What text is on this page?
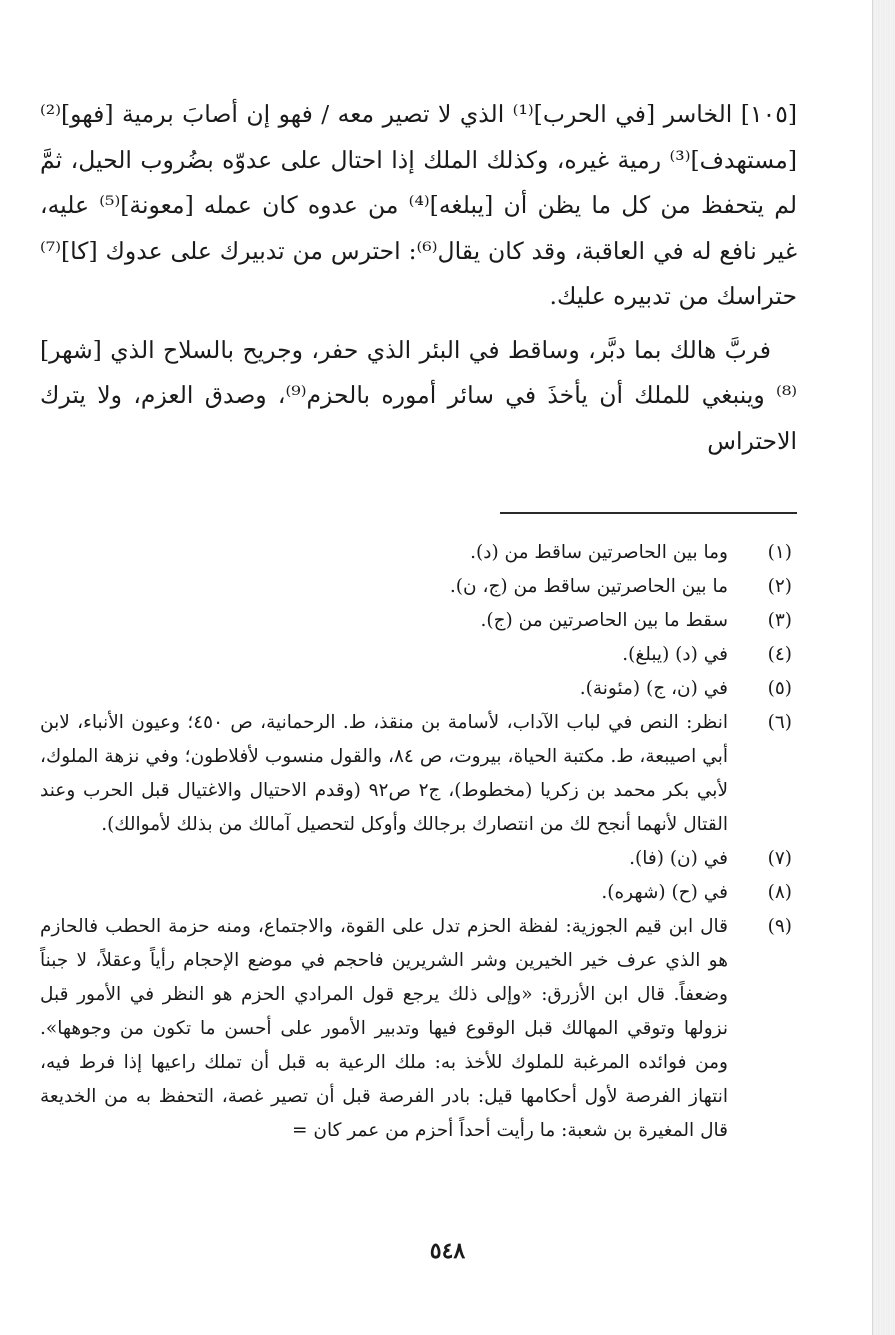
[١٠٥] الخاسر [في الحرب]⁽¹⁾ الذي لا تصير معه / فهو إن أصابَ برمية [فهو]⁽²⁾ [مستهدف]⁽³⁾ رمية غيره، وكذلك الملك إذا احتال على عدوّه بضُروب الحيل، ثمَّ لم يتحفظ من كل ما يظن أن [يبلغه]⁽⁴⁾ من عدوه كان عمله [معونة]⁽⁵⁾ عليه، غير نافع له في العاقبة، وقد كان يقال⁽⁶⁾: احترس من تدبيرك على عدوك [كا]⁽⁷⁾ حتراسك من تدبيره عليك.

فربَّ هالك بما دبَّر، وساقط في البئر الذي حفر، وجريح بالسلاح الذي [شهر]⁽⁸⁾ وينبغي للملك أن يأخذَ في سائر أموره بالحزم⁽⁹⁾، وصدق العزم، ولا يترك الاحتراس

(١)
وما بين الحاصرتين ساقط من (د).
(٢)
ما بين الحاصرتين ساقط من (ج، ن).
(٣)
سقط ما بين الحاصرتين من (ج).
(٤)
في (د) (يبلغ).
(٥)
في (ن، ج) (مئونة).
(٦)
انظر: النص في لباب الآداب، لأسامة بن منقذ، ط. الرحمانية، ص ٤٥٠؛ وعيون الأنباء، لابن أبي اصيبعة، ط. مكتبة الحياة، بيروت، ص ٨٤، والقول منسوب لأفلاطون؛ وفي نزهة الملوك، لأبي بكر محمد بن زكريا (مخطوط)، ج٢ ص٩٢ (وقدم الاحتيال والاغتيال قبل الحرب وعند القتال لأنهما أنجح لك من انتصارك برجالك وأوكل لتحصيل آمالك من بذلك لأموالك).
(٧)
في (ن) (فا).
(٨)
في (ح) (شهره).
(٩)
قال ابن قيم الجوزية: لفظة الحزم تدل على القوة، والاجتماع، ومنه حزمة الحطب فالحازم هو الذي عرف خير الخيرين وشر الشريرين فاحجم في موضع الإحجام رأياً وعقلاً، لا جبناً وضعفاً. قال ابن الأزرق: «وإلى ذلك يرجع قول المرادي الحزم هو النظر في الأمور قبل نزولها وتوقي المهالك قبل الوقوع فيها وتدبير الأمور على أحسن ما تكون من وجوهها». ومن فوائده المرغبة للملوك للأخذ به: ملك الرعية به قبل أن تملك راعيها إذا فرط فيه، انتهاز الفرصة لأول أحكامها قيل: بادر الفرصة قبل أن تصير غصة، التحفظ به من الخديعة قال المغيرة بن شعبة: ما رأيت أحداً أحزم من عمر كان =
٥٤٨
